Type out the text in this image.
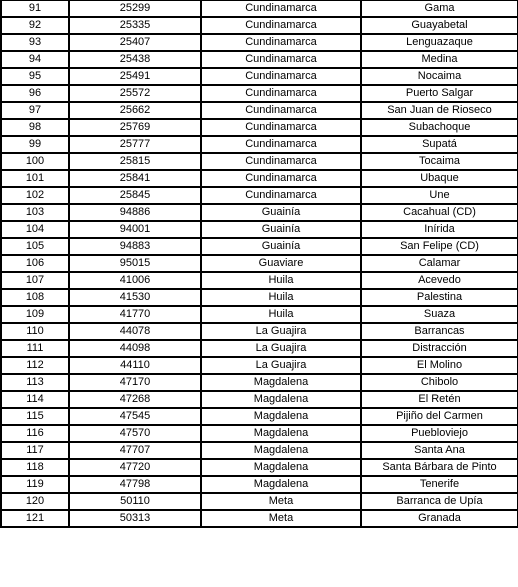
91	25299	Cundinamarca	Gama
92	25335	Cundinamarca	Guayabetal
93	25407	Cundinamarca	Lenguazaque
94	25438	Cundinamarca	Medina
95	25491	Cundinamarca	Nocaima
96	25572	Cundinamarca	Puerto Salgar
97	25662	Cundinamarca	San Juan de Rioseco
98	25769	Cundinamarca	Subachoque
99	25777	Cundinamarca	Supatá
100	25815	Cundinamarca	Tocaima
101	25841	Cundinamarca	Ubaque
102	25845	Cundinamarca	Une
103	94886	Guainía	Cacahual (CD)
104	94001	Guainía	Inírida
105	94883	Guainía	San Felipe (CD)
106	95015	Guaviare	Calamar
107	41006	Huila	Acevedo
108	41530	Huila	Palestina
109	41770	Huila	Suaza
110	44078	La Guajira	Barrancas
111	44098	La Guajira	Distracción
112	44110	La Guajira	El Molino
113	47170	Magdalena	Chibolo
114	47268	Magdalena	El Retén
115	47545	Magdalena	Pijiño del Carmen
116	47570	Magdalena	Puebloviejo
117	47707	Magdalena	Santa Ana
118	47720	Magdalena	Santa Bárbara de Pinto
119	47798	Magdalena	Tenerife
120	50110	Meta	Barranca de Upía
121	50313	Meta	Granada
